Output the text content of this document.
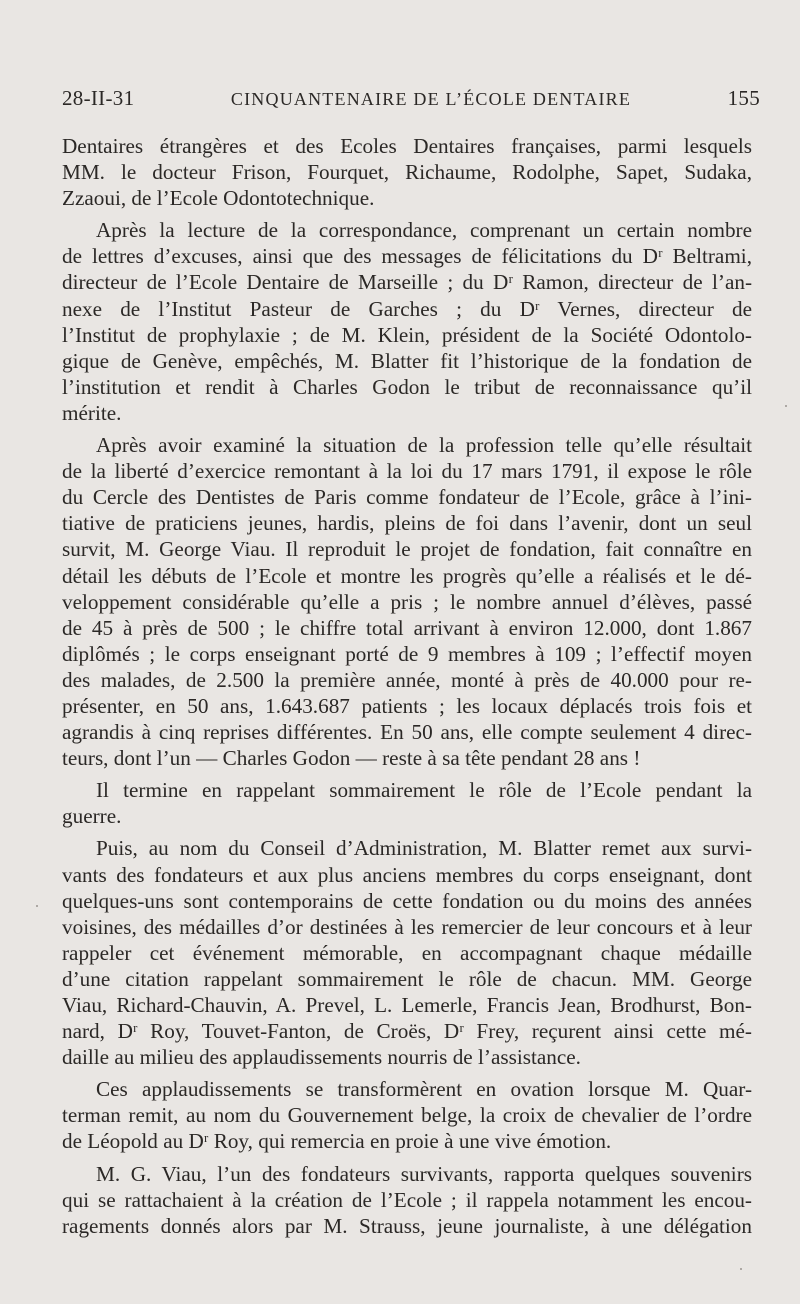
28-II-31	CINQUANTENAIRE DE L’ÉCOLE DENTAIRE	155
Dentaires étrangères et des Ecoles Dentaires françaises, parmi lesquels
MM. le docteur Frison, Fourquet, Richaume, Rodolphe, Sapet, Sudaka,
Zzaoui, de l’Ecole Odontotechnique.
Après la lecture de la correspondance, comprenant un certain nombre
de lettres d’excuses, ainsi que des messages de félicitations du Dʳ Beltrami,
directeur de l’Ecole Dentaire de Marseille ; du Dʳ Ramon, directeur de l’an-
nexe de l’Institut Pasteur de Garches ; du Dʳ Vernes, directeur de
l’Institut de prophylaxie ; de M. Klein, président de la Société Odontolo-
gique de Genève, empêchés, M. Blatter fit l’historique de la fondation de
l’institution et rendit à Charles Godon le tribut de reconnaissance qu’il
mérite.
Après avoir examiné la situation de la profession telle qu’elle résultait
de la liberté d’exercice remontant à la loi du 17 mars 1791, il expose le rôle
du Cercle des Dentistes de Paris comme fondateur de l’Ecole, grâce à l’ini-
tiative de praticiens jeunes, hardis, pleins de foi dans l’avenir, dont un seul
survit, M. George Viau. Il reproduit le projet de fondation, fait connaître en
détail les débuts de l’Ecole et montre les progrès qu’elle a réalisés et le dé-
veloppement considérable qu’elle a pris ; le nombre annuel d’élèves, passé
de 45 à près de 500 ; le chiffre total arrivant à environ 12.000, dont 1.867
diplômés ; le corps enseignant porté de 9 membres à 109 ; l’effectif moyen
des malades, de 2.500 la première année, monté à près de 40.000 pour re-
présenter, en 50 ans, 1.643.687 patients ; les locaux déplacés trois fois et
agrandis à cinq reprises différentes. En 50 ans, elle compte seulement 4 direc-
teurs, dont l’un — Charles Godon — reste à sa tête pendant 28 ans !
Il termine en rappelant sommairement le rôle de l’Ecole pendant la
guerre.
Puis, au nom du Conseil d’Administration, M. Blatter remet aux survi-
vants des fondateurs et aux plus anciens membres du corps enseignant, dont
quelques-uns sont contemporains de cette fondation ou du moins des années
voisines, des médailles d’or destinées à les remercier de leur concours et à leur
rappeler cet événement mémorable, en accompagnant chaque médaille
d’une citation rappelant sommairement le rôle de chacun. MM. George
Viau, Richard-Chauvin, A. Prevel, L. Lemerle, Francis Jean, Brodhurst, Bon-
nard, Dʳ Roy, Touvet-Fanton, de Croës, Dʳ Frey, reçurent ainsi cette mé-
daille au milieu des applaudissements nourris de l’assistance.
Ces applaudissements se transformèrent en ovation lorsque M. Quar-
terman remit, au nom du Gouvernement belge, la croix de chevalier de l’ordre
de Léopold au Dʳ Roy, qui remercia en proie à une vive émotion.
M. G. Viau, l’un des fondateurs survivants, rapporta quelques souvenirs
qui se rattachaient à la création de l’Ecole ; il rappela notamment les encou-
ragements donnés alors par M. Strauss, jeune journaliste, à une délégation
